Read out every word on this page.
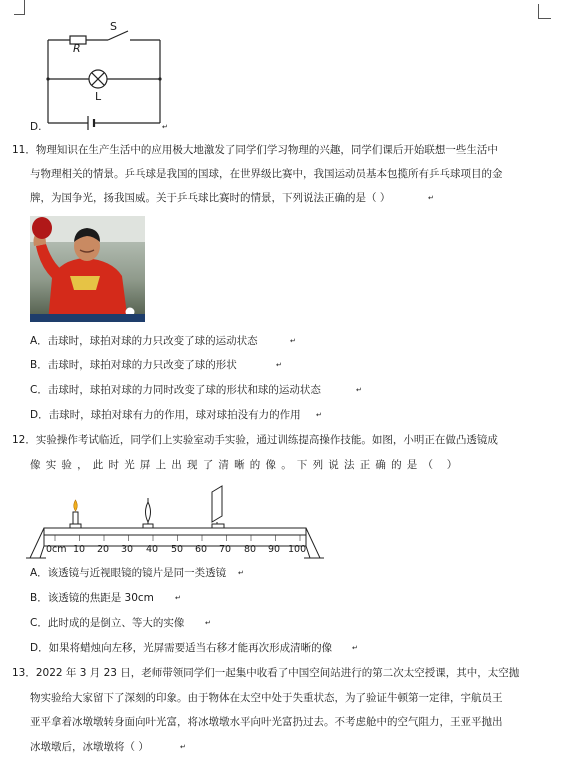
S
R
L
D.	↵
11．物理知识在生产生活中的应用极大地激发了同学们学习物理的兴趣，同学们课后开始联想一些生活中
与物理相关的情景。乒乓球是我国的国球，在世界级比赛中，我国运动员基本包揽所有乒乓球项目的金
牌，为国争光，扬我国威。关于乒乓球比赛时的情景，下列说法正确的是（ ）	↵
A．击球时，球拍对球的力只改变了球的运动状态	↵
B．击球时，球拍对球的力只改变了球的形状	↵
C．击球时，球拍对球的力同时改变了球的形状和球的运动状态	↵
D．击球时，球拍对球有力的作用，球对球拍没有力的作用 ↵
12．实验操作考试临近，同学们上实验室动手实验，通过训练提高操作技能。如图，小明正在做凸透镜成
像实验，此时光屏上出现了清晰的像。下列说法正确的是（ ）
0cm 10 20 30 40 50 60 70 80 90 100
A．该透镜与近视眼镜的镜片是同一类透镜 ↵
B．该透镜的焦距是 30cm	↵
C．此时成的是倒立、等大的实像	↵
D．如果将蜡烛向左移，光屏需要适当右移才能再次形成清晰的像	↵
13．2022 年 3 月 23 日，老师带领同学们一起集中收看了中国空间站进行的第二次太空授课，其中，太空抛
物实验给大家留下了深刻的印象。由于物体在太空中处于失重状态，为了验证牛顿第一定律，宇航员王
亚平拿着冰墩墩转身面向叶光富，将冰墩墩水平向叶光富扔过去。不考虑舱中的空气阻力，王亚平抛出
冰墩墩后，冰墩墩将（ ）	↵
